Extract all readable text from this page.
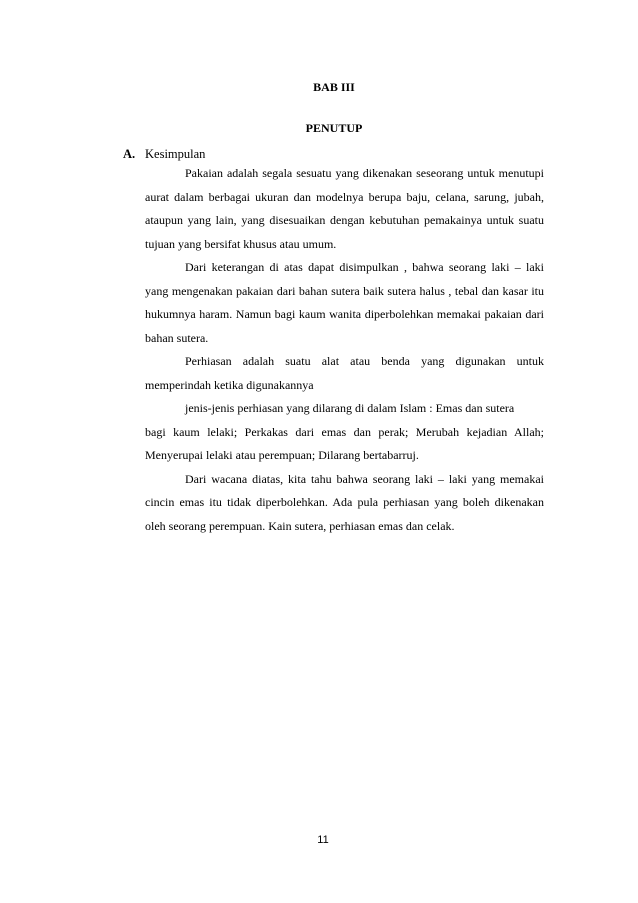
BAB III
PENUTUP
A. Kesimpulan

Pakaian adalah segala sesuatu yang dikenakan seseorang untuk menutupi aurat dalam berbagai ukuran dan modelnya berupa baju, celana, sarung, jubah, ataupun yang lain, yang disesuaikan dengan kebutuhan pemakainya untuk suatu tujuan yang bersifat khusus atau umum.

Dari keterangan di atas dapat disimpulkan , bahwa seorang laki – laki yang mengenakan pakaian dari bahan sutera baik sutera halus , tebal dan kasar itu hukumnya haram. Namun bagi kaum wanita diperbolehkan memakai pakaian dari bahan sutera.

Perhiasan adalah suatu alat atau benda yang digunakan untuk memperindah ketika digunakannya

jenis-jenis perhiasan yang dilarang di dalam Islam : Emas dan sutera

bagi kaum lelaki; Perkakas dari emas dan perak; Merubah kejadian Allah; Menyerupai lelaki atau perempuan; Dilarang bertabarruj.

Dari wacana diatas, kita tahu bahwa seorang laki – laki yang memakai cincin emas itu tidak diperbolehkan. Ada pula perhiasan yang boleh dikenakan oleh seorang perempuan. Kain sutera, perhiasan emas dan celak.

11
